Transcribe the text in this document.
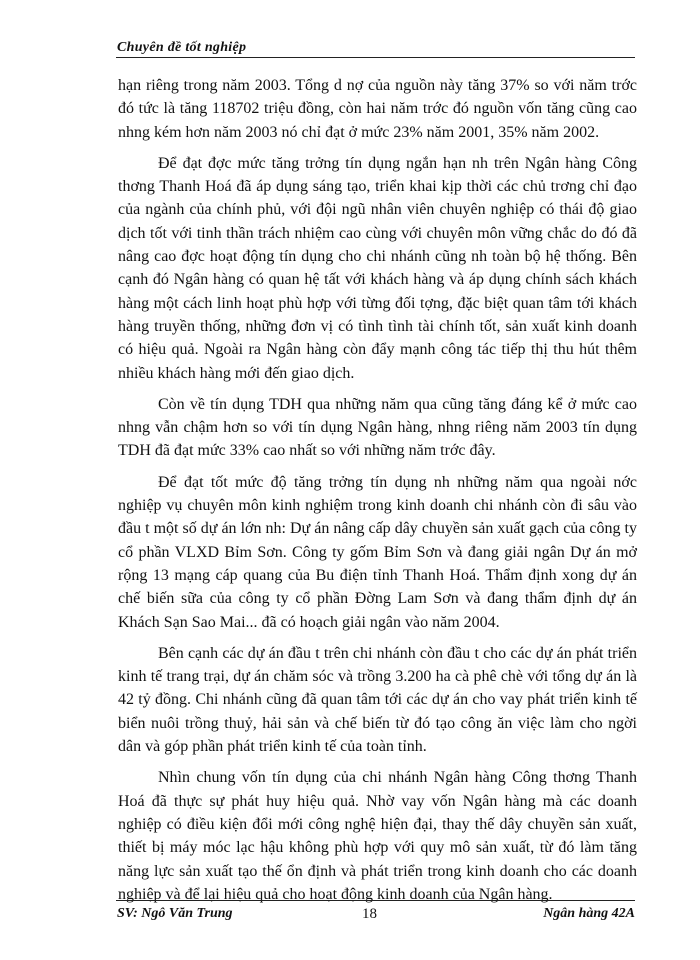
Chuyên đề tốt nghiệp

hạn riêng trong năm 2003. Tổng d nợ của nguồn này tăng 37% so với năm trớc đó tức là tăng 118702 triệu đồng, còn hai năm trớc đó nguồn vốn tăng cũng cao nhng kém hơn năm 2003 nó chỉ đạt ở mức 23% năm 2001, 35% năm 2002.

Để đạt đợc mức tăng trởng tín dụng ngắn hạn nh trên Ngân hàng Công thơng Thanh Hoá đã áp dụng sáng tạo, triển khai kịp thời các chủ trơng chỉ đạo của ngành của chính phủ, với đội ngũ nhân viên chuyên nghiệp có thái độ giao dịch tốt với tinh thần trách nhiệm cao cùng với chuyên môn vững chắc do đó đã nâng cao đợc hoạt động tín dụng cho chi nhánh cũng nh toàn bộ hệ thống. Bên cạnh đó Ngân hàng có quan hệ tất với khách hàng và áp dụng chính sách khách hàng một cách linh hoạt phù hợp với từng đối tợng, đặc biệt quan tâm tới khách hàng truyền thống, những đơn vị có tình tình tài chính tốt, sản xuất kinh doanh có hiệu quả. Ngoài ra Ngân hàng còn đẩy mạnh công tác tiếp thị thu hút thêm nhiều khách hàng mới đến giao dịch.

Còn về tín dụng TDH qua những năm qua cũng tăng đáng kể ở mức cao nhng vẫn chậm hơn so với tín dụng Ngân hàng, nhng riêng năm 2003 tín dụng TDH đã đạt mức 33% cao nhất so với những năm trớc đây.

Để đạt tốt mức độ tăng trởng tín dụng nh những năm qua ngoài nớc nghiệp vụ chuyên môn kinh nghiệm trong kinh doanh chi nhánh còn đi sâu vào đầu t một số dự án lớn nh: Dự án nâng cấp dây chuyền sản xuất gạch của công ty cổ phần VLXD Bỉm Sơn. Công ty gốm Bỉm Sơn và đang giải ngân Dự án mở rộng 13 mạng cáp quang của Bu điện tỉnh Thanh Hoá. Thẩm định xong dự án chế biến sữa của công ty cổ phần Đờng Lam Sơn và đang thẩm định dự án Khách Sạn Sao Mai... đã có hoạch giải ngân vào năm 2004.

Bên cạnh các dự án đầu t trên chi nhánh còn đầu t cho các dự án phát triển kinh tế trang trại, dự án chăm sóc và trồng 3.200 ha cà phê chè với tổng dự án là 42 tỷ đồng. Chi nhánh cũng đã quan tâm tới các dự án cho vay phát triển kinh tế biển nuôi trồng thuỷ, hải sản và chế biến từ đó tạo công ăn việc làm cho ngời dân và góp phần phát triển kinh tế của toàn tỉnh.

Nhìn chung vốn tín dụng của chi nhánh Ngân hàng Công thơng Thanh Hoá đã thực sự phát huy hiệu quả. Nhờ vay vốn Ngân hàng mà các doanh nghiệp có điều kiện đổi mới công nghệ hiện đại, thay thế dây chuyền sản xuất, thiết bị máy móc lạc hậu không phù hợp với quy mô sản xuất, từ đó làm tăng năng lực sản xuất tạo thế ổn định và phát triển trong kinh doanh cho các doanh nghiệp và để lại hiệu quả cho hoạt động kinh doanh của Ngân hàng.

SV: Ngô Văn Trung	18	Ngân hàng 42A
